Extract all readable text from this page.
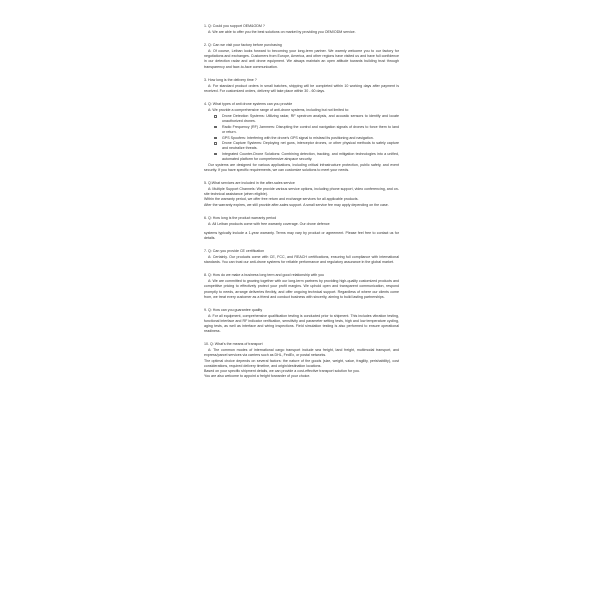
1. Q: Could you support OEM&ODM ?

A: We are able to offer you the best solutions on market by providing you OEM/ODM service.

2. Q: Can we visit your factory before purchasing

A: Of course, Leiban looks forward to becoming your long-term partner. We warmly welcome you to our factory for negotiations and exchanges. Customers from Europe, America, and other regions have visited us and have full confidence in our detection radar and anti drone equipment. We always maintain an open attitude towards building trust through transparency and face-to-face communication.

3. How long is the delivery time ?

A: For standard product orders in small batches, shipping will be completed within 10 working days after payment is received. For customized orders, delivery will take place within 30 - 60 days.

4. Q: What types of anti drone systems can you provide

A: We provide a comprehensive range of anti-drone systems, including but not limited to:

Drone Detection Systems: Utilizing radar, RF spectrum analysis, and acoustic sensors to identify and locate unauthorized drones.
Radio Frequency (RF) Jammers: Disrupting the control and navigation signals of drones to force them to land or return.
GPS Spoofers: Interfering with the drone's GPS signal to mislead its positioning and navigation.
Drone Capture Systems: Deploying net guns, interceptor drones, or other physical methods to safely capture and neutralize threats.
Integrated Counter-Drone Solutions: Combining detection, tracking, and mitigation technologies into a unified, automated platform for comprehensive airspace security.

Our systems are designed for various applications, including critical infrastructure protection, public safety, and event security. If you have specific requirements, we can customize solutions to meet your needs.

5. Q:What services are included in the after-sales service

A: Multiple Support Channels: We provide various service options, including phone support, video conferencing, and on-site technical assistance (when eligible).

Within the warranty period, we offer free return and exchange services for all applicable products.

After the warranty expires, we still provide after-sales support. A small service fee may apply depending on the case.

6. Q: How long is the product warranty period

A: All Leiban products come with free warranty coverage. Our drone defence

systems typically include a 1-year warranty. Terms may vary by product or agreement. Please feel free to contact us for details.

7. Q: Can you provide CE certification

A: Certainly. Our products come with CE, FCC, and REACH certifications, ensuring full compliance with international standards. You can trust our anti-drone systems for reliable performance and regulatory assurance in the global market.

8. Q: How do we make a business long term and good relationship with you

A: We are committed to growing together with our long-term partners by providing high-quality customized products and competitive pricing to effectively protect your profit margins. We uphold open and transparent communication, respond promptly to needs, arrange deliveries flexibly, and offer ongoing technical support. Regardless of where our clients come from, we treat every customer as a friend and conduct business with sincerity, aiming to build lasting partnerships.

9. Q: How can you guarantee quality

A: For all equipment, comprehensive qualification testing is conducted prior to shipment. This includes vibration testing, functional interface and RF indicator verification, sensitivity and parameter setting tests, high and low temperature cycling, aging tests, as well as interface and wiring inspections. Field simulation testing is also performed to ensure operational readiness.

10. Q: What's the means of transport

A: The common modes of international cargo transport include sea freight, land freight, multimodal transport, and express/parcel services via carriers such as DHL, FedEx, or postal networks.

The optimal choice depends on several factors: the nature of the goods (size, weight, value, fragility, perishability), cost considerations, required delivery timeline, and origin/destination locations.

Based on your specific shipment details, we can provide a cost-effective transport solution for you.

You are also welcome to appoint a freight forwarder of your choice.
